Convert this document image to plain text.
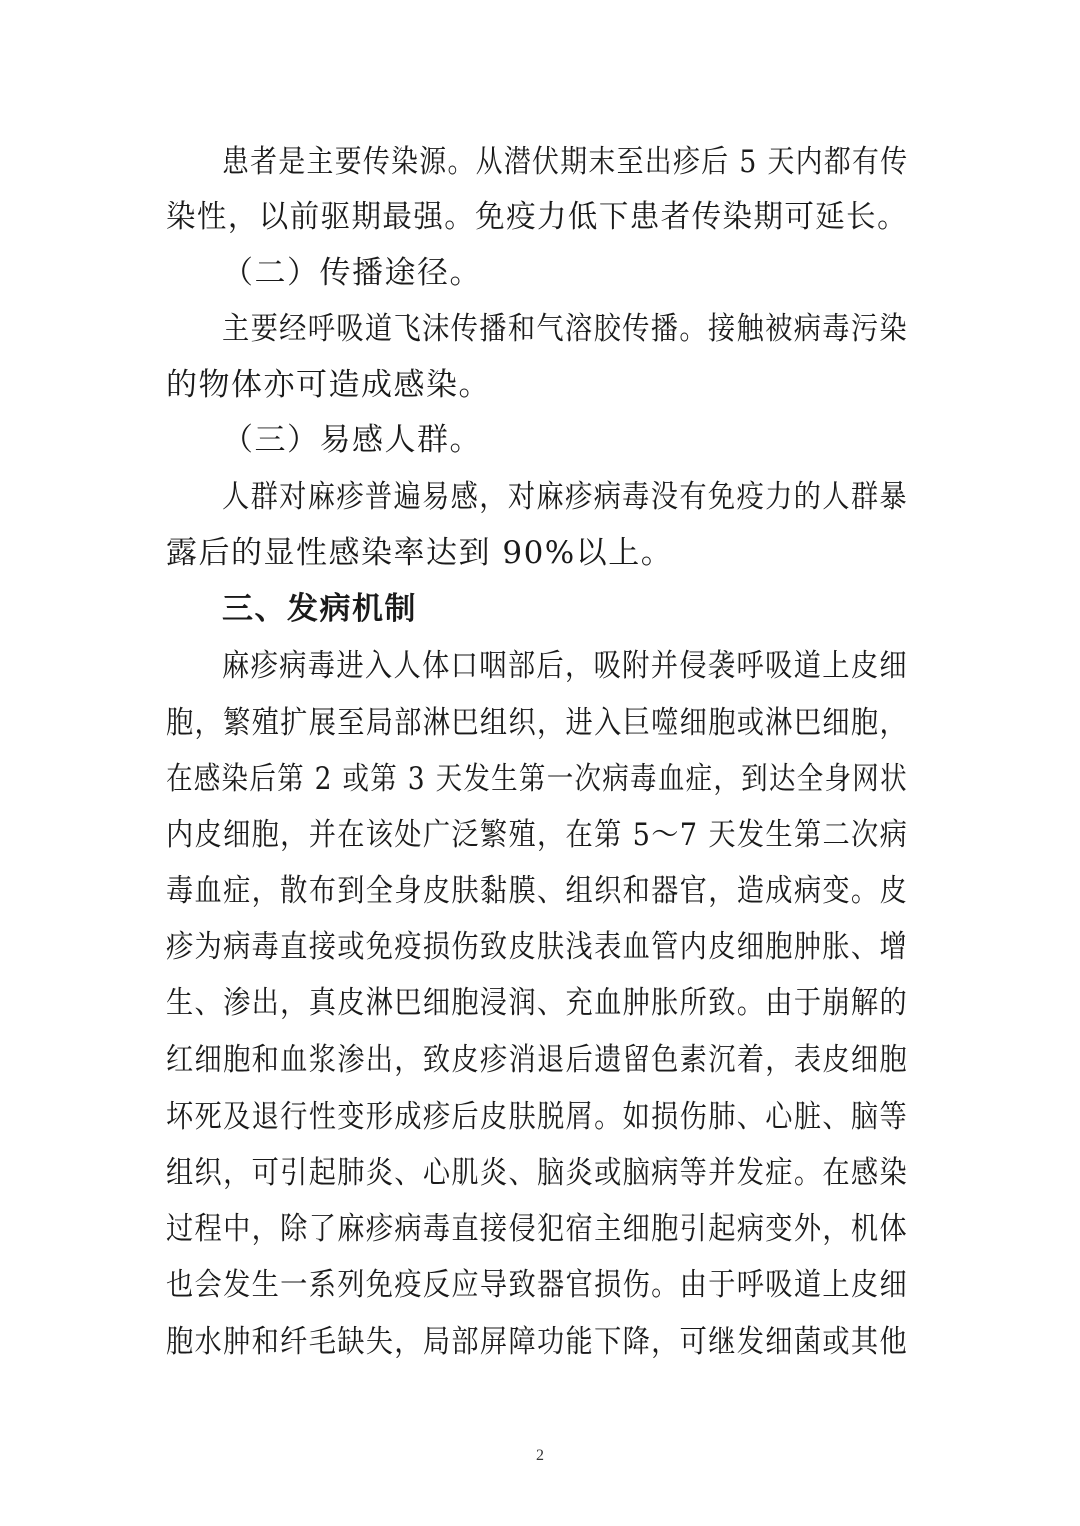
患者是主要传染源。从潜伏期末至出疹后 5 天内都有传
染性，以前驱期最强。免疫力低下患者传染期可延长。
（二）传播途径。
主要经呼吸道飞沫传播和气溶胶传播。接触被病毒污染
的物体亦可造成感染。
（三）易感人群。
人群对麻疹普遍易感，对麻疹病毒没有免疫力的人群暴
露后的显性感染率达到 90%以上。
三、发病机制
麻疹病毒进入人体口咽部后，吸附并侵袭呼吸道上皮细
胞，繁殖扩展至局部淋巴组织，进入巨噬细胞或淋巴细胞，
在感染后第 2 或第 3 天发生第一次病毒血症，到达全身网状
内皮细胞，并在该处广泛繁殖，在第 5～7 天发生第二次病
毒血症，散布到全身皮肤黏膜、组织和器官，造成病变。皮
疹为病毒直接或免疫损伤致皮肤浅表血管内皮细胞肿胀、增
生、渗出，真皮淋巴细胞浸润、充血肿胀所致。由于崩解的
红细胞和血浆渗出，致皮疹消退后遗留色素沉着，表皮细胞
坏死及退行性变形成疹后皮肤脱屑。如损伤肺、心脏、脑等
组织，可引起肺炎、心肌炎、脑炎或脑病等并发症。在感染
过程中，除了麻疹病毒直接侵犯宿主细胞引起病变外，机体
也会发生一系列免疫反应导致器官损伤。由于呼吸道上皮细
胞水肿和纤毛缺失，局部屏障功能下降，可继发细菌或其他
2
